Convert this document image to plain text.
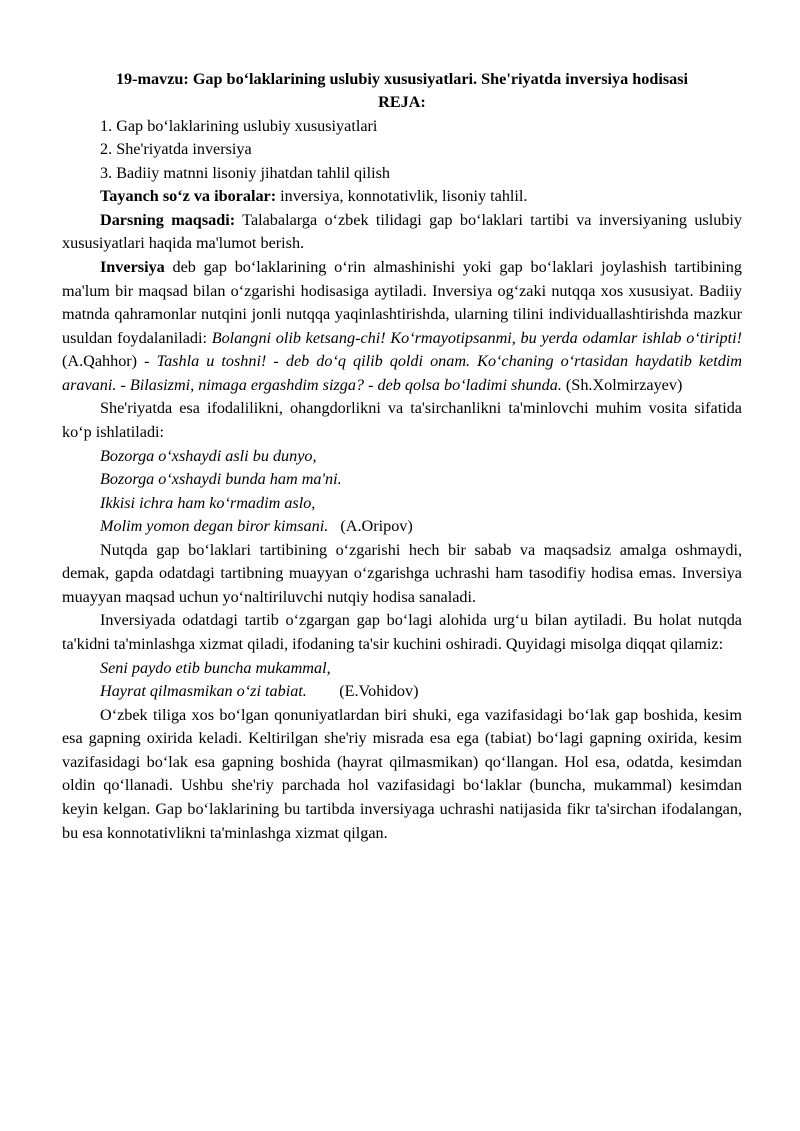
19-mavzu: Gap bo‘laklarining uslubiy xususiyatlari. She'riyatda inversiya hodisasi
REJA:
1. Gap bo‘laklarining uslubiy xususiyatlari
2. She'riyatda inversiya
3. Badiiy matnni lisoniy jihatdan tahlil qilish

Tayanch so‘z va iboralar: inversiya, konnotativlik, lisoniy tahlil.

Darsning maqsadi: Talabalarga o‘zbek tilidagi gap bo‘laklari tartibi va inversiyaning uslubiy xususiyatlari haqida ma'lumot berish.

Inversiya deb gap bo‘laklarining o‘rin almashinishi yoki gap bo‘laklari joylashish tartibining ma'lum bir maqsad bilan o‘zgarishi hodisasiga aytiladi. Inversiya og‘zaki nutqqa xos xususiyat. Badiiy matnda qahramonlar nutqini jonli nutqqa yaqinlashtirishda, ularning tilini individuallashtirishda mazkur usuldan foydalaniladi: Bolangni olib ketsang-chi! Ko‘rmayotipsanmi, bu yerda odamlar ishlab o‘tiripti! (A.Qahhor) - Tashla u toshni! - deb do‘q qilib qoldi onam. Ko‘chaning o‘rtasidan haydatib ketdim aravani. - Bilasizmi, nimaga ergashdim sizga? - deb qolsa bo‘ladimi shunda. (Sh.Xolmirzayev)

She'riyatda esa ifodalilikni, ohangdorlikni va ta'sirchanlikni ta'minlovchi muhim vosita sifatida ko‘p ishlatiladi:

Bozorga o‘xshaydi asli bu dunyo,
Bozorga o‘xshaydi bunda ham ma'ni.
Ikkisi ichra ham ko‘rmadim aslo,
Molim yomon degan biror kimsani.   (A.Oripov)

Nutqda gap bo‘laklari tartibining o‘zgarishi hech bir sabab va maqsadsiz amalga oshmaydi, demak, gapda odatdagi tartibning muayyan o‘zgarishga uchrashi ham tasodifiy hodisa emas. Inversiya muayyan maqsad uchun yo‘naltiriluvchi nutqiy hodisa sanaladi.

Inversiyada odatdagi tartib o‘zgargan gap bo‘lagi alohida urg‘u bilan aytiladi. Bu holat nutqda ta'kidni ta'minlashga xizmat qiladi, ifodaning ta'sir kuchini oshiradi. Quyidagi misolga diqqat qilamiz:

Seni paydo etib buncha mukammal,
Hayrat qilmasmikan o‘zi tabiat.        (E.Vohidov)

O‘zbek tiliga xos bo‘lgan qonuniyatlardan biri shuki, ega vazifasidagi bo‘lak gap boshida, kesim esa gapning oxirida keladi. Keltirilgan she'riy misrada esa ega (tabiat) bo‘lagi gapning oxirida, kesim vazifasidagi bo‘lak esa gapning boshida (hayrat qilmasmikan) qo‘llangan. Hol esa, odatda, kesimdan oldin qo‘llanadi. Ushbu she'riy parchada hol vazifasidagi bo‘laklar (buncha, mukammal) kesimdan keyin kelgan. Gap bo‘laklarining bu tartibda inversiyaga uchrashi natijasida fikr ta'sirchan ifodalangan, bu esa konnotativlikni ta'minlashga xizmat qilgan.
